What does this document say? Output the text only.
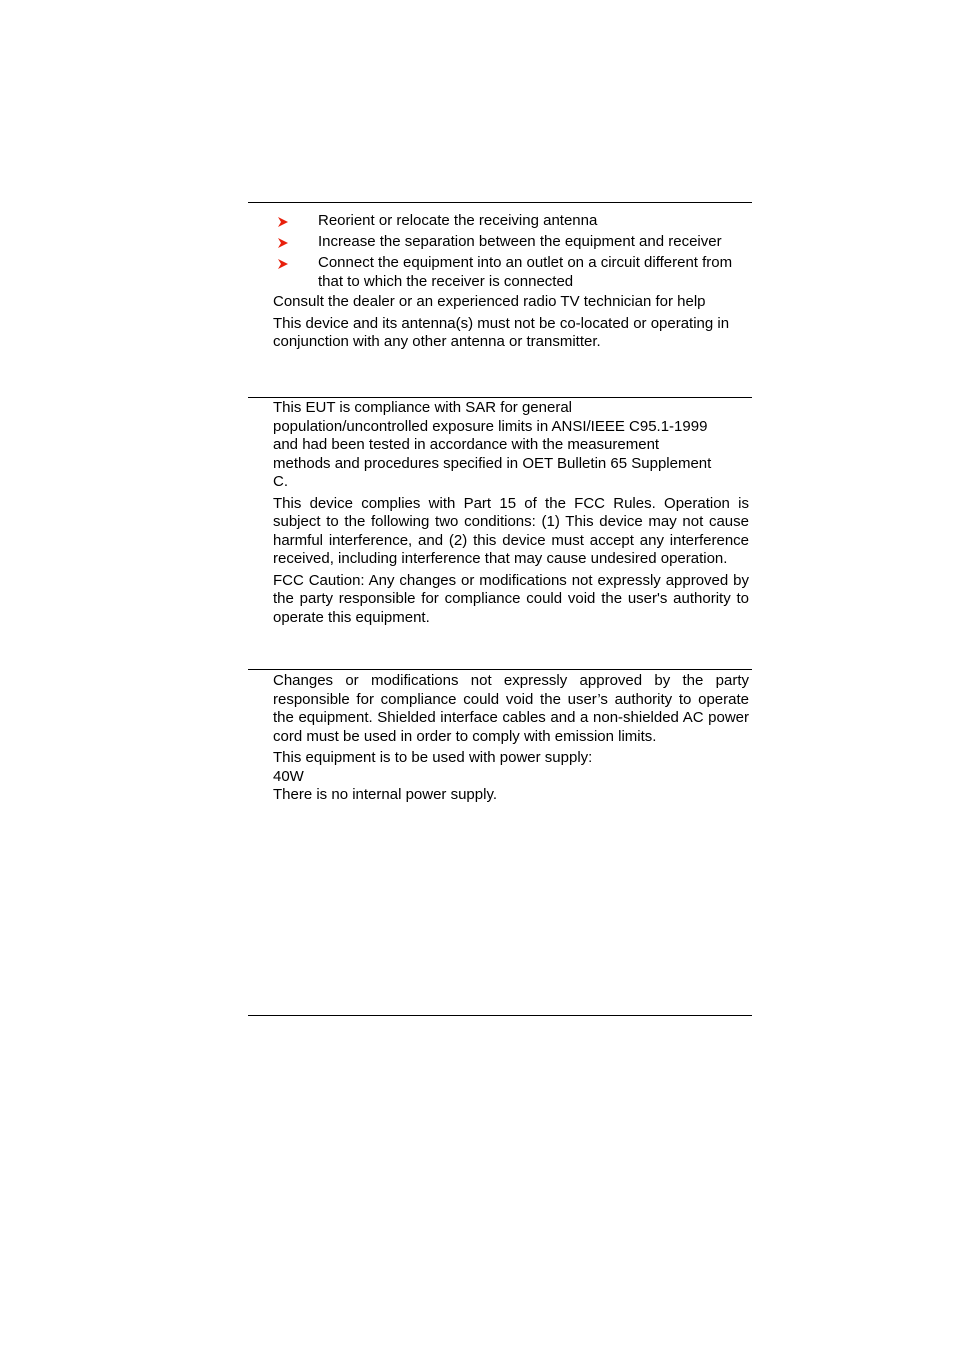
Reorient or relocate the receiving antenna
Increase the separation between the equipment and receiver
Connect the equipment into an outlet on a circuit different from that to which the receiver is connected

Consult the dealer or an experienced radio TV technician for help

This device and its antenna(s) must not be co-located or operating in conjunction with any other antenna or transmitter.

This EUT is compliance with SAR for general
population/uncontrolled exposure limits in ANSI/IEEE C95.1-1999
and had been tested in accordance with the measurement
methods and procedures specified in OET Bulletin 65 Supplement
C.

This device complies with Part 15 of the FCC Rules. Operation is subject to the following two conditions: (1) This device may not cause harmful interference, and (2) this device must accept any interference received, including interference that may cause undesired operation.

FCC Caution: Any changes or modifications not expressly approved by the party responsible for compliance could void the user's authority to operate this equipment.

Changes or modifications not expressly approved by the party responsible for compliance could void the user’s authority to operate the equipment. Shielded interface cables and a non-shielded AC power cord must be used in order to comply with emission limits.

This equipment is to be used with power supply:
40W
There is no internal power supply.
